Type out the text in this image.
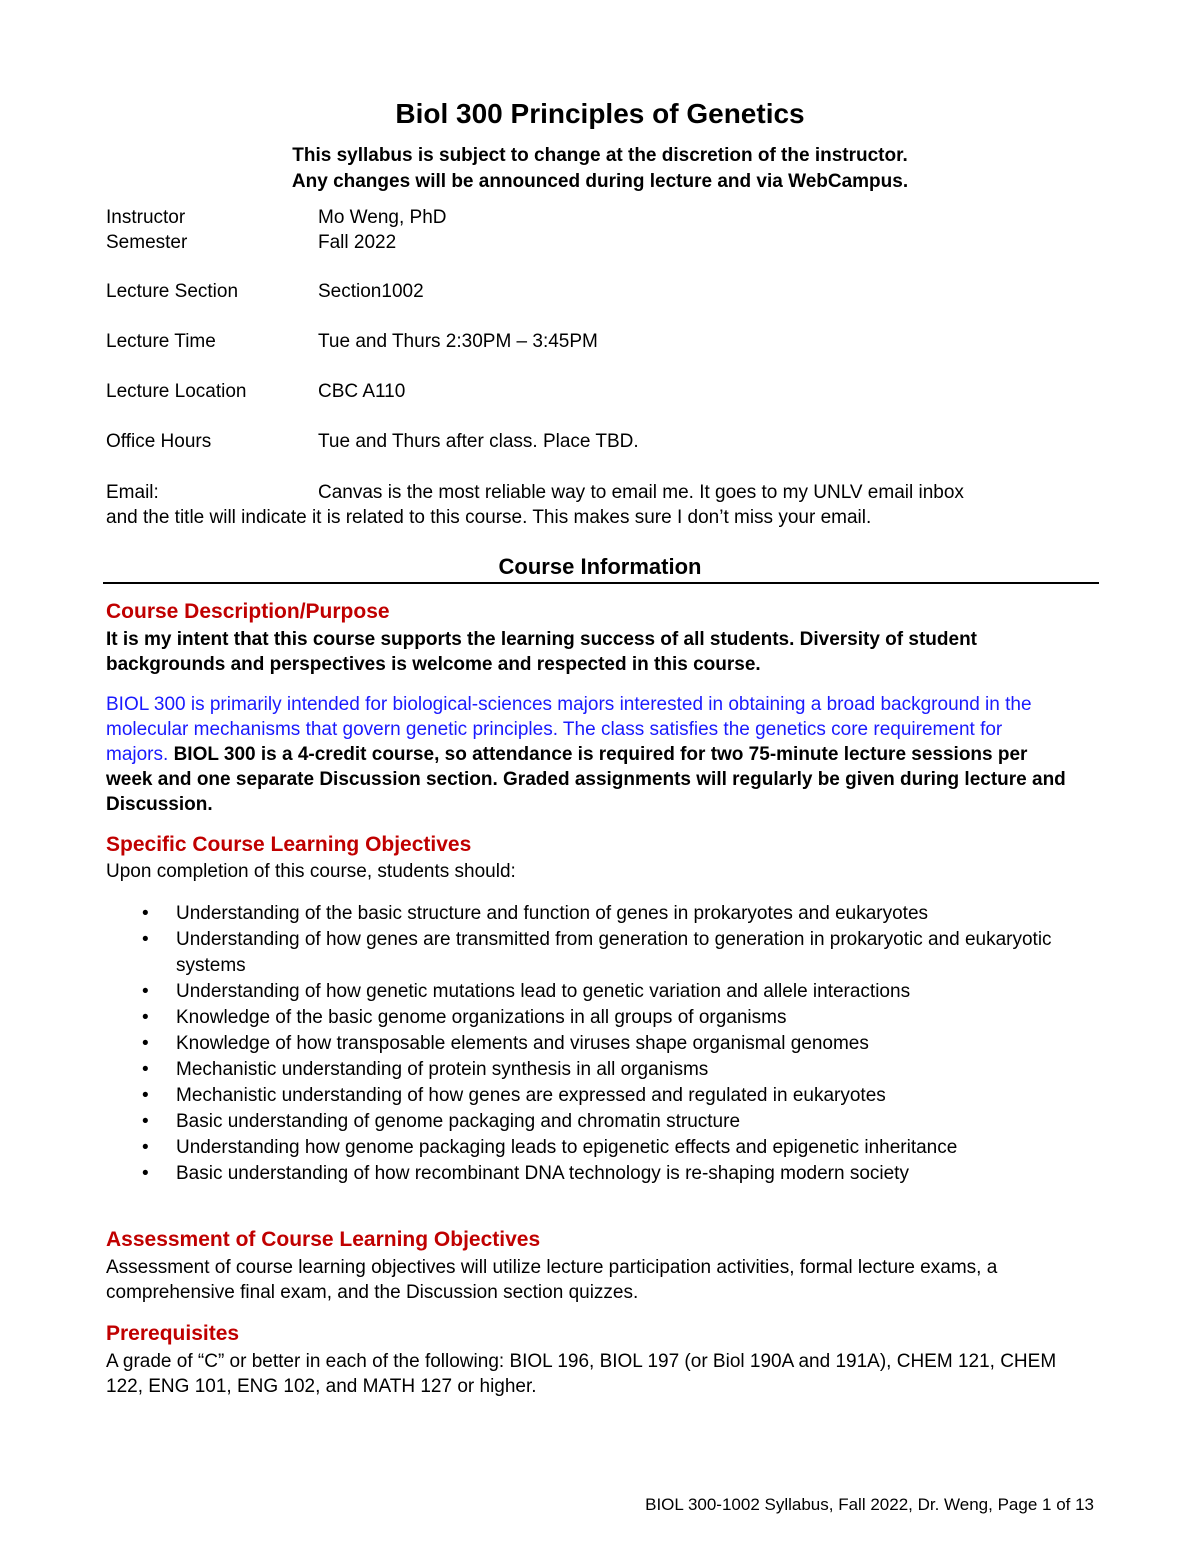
Biol 300 Principles of Genetics
This syllabus is subject to change at the discretion of the instructor.
Any changes will be announced during lecture and via WebCampus.
Instructor	Mo Weng, PhD
Semester	Fall 2022
Lecture Section	Section1002
Lecture Time	Tue and Thurs 2:30PM – 3:45PM
Lecture Location	CBC A110
Office Hours	Tue and Thurs after class. Place TBD.
Email:	Canvas is the most reliable way to email me. It goes to my UNLV email inbox
and the title will indicate it is related to this course. This makes sure I don’t miss your email.
Course Information
Course Description/Purpose
It is my intent that this course supports the learning success of all students. Diversity of student backgrounds and perspectives is welcome and respected in this course.
BIOL 300 is primarily intended for biological-sciences majors interested in obtaining a broad background in the molecular mechanisms that govern genetic principles. The class satisfies the genetics core requirement for majors. BIOL 300 is a 4-credit course, so attendance is required for two 75-minute lecture sessions per week and one separate Discussion section. Graded assignments will regularly be given during lecture and Discussion.
Specific Course Learning Objectives
Upon completion of this course, students should:
• Understanding of the basic structure and function of genes in prokaryotes and eukaryotes
• Understanding of how genes are transmitted from generation to generation in prokaryotic and eukaryotic systems
• Understanding of how genetic mutations lead to genetic variation and allele interactions
• Knowledge of the basic genome organizations in all groups of organisms
• Knowledge of how transposable elements and viruses shape organismal genomes
• Mechanistic understanding of protein synthesis in all organisms
• Mechanistic understanding of how genes are expressed and regulated in eukaryotes
• Basic understanding of genome packaging and chromatin structure
• Understanding how genome packaging leads to epigenetic effects and epigenetic inheritance
• Basic understanding of how recombinant DNA technology is re-shaping modern society
Assessment of Course Learning Objectives
Assessment of course learning objectives will utilize lecture participation activities, formal lecture exams, a comprehensive final exam, and the Discussion section quizzes.
Prerequisites
A grade of “C” or better in each of the following: BIOL 196, BIOL 197 (or Biol 190A and 191A), CHEM 121, CHEM 122, ENG 101, ENG 102, and MATH 127 or higher.
BIOL 300-1002 Syllabus, Fall 2022, Dr. Weng, Page 1 of 13
